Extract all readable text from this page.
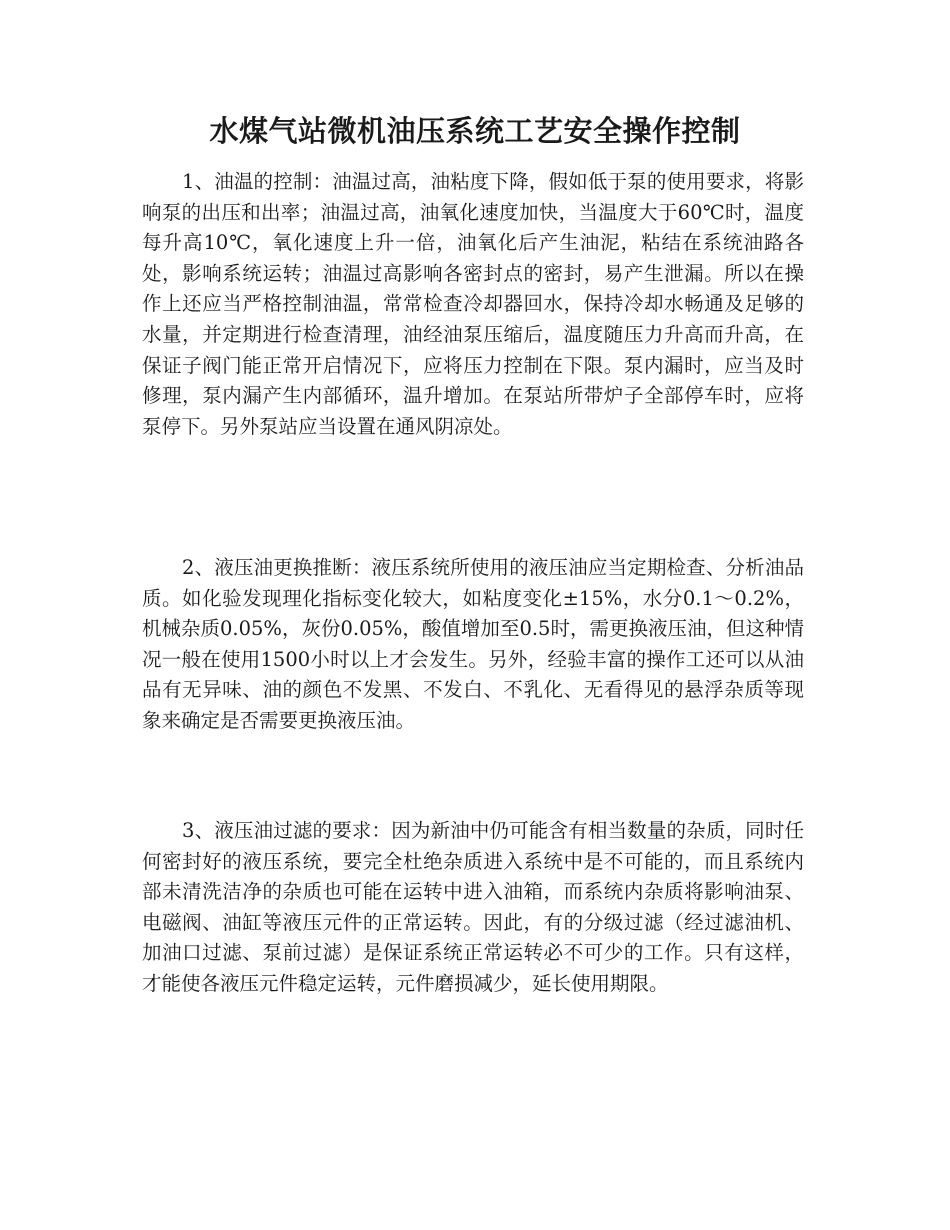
水煤气站微机油压系统工艺安全操作控制

1、油温的控制：油温过高，油粘度下降，假如低于泵的使用要求，将影响泵的出压和出率；油温过高，油氧化速度加快，当温度大于60℃时，温度每升高10℃，氧化速度上升一倍，油氧化后产生油泥，粘结在系统油路各处，影响系统运转；油温过高影响各密封点的密封，易产生泄漏。所以在操作上还应当严格控制油温，常常检查冷却器回水，保持冷却水畅通及足够的水量，并定期进行检查清理，油经油泵压缩后，温度随压力升高而升高，在保证子阀门能正常开启情况下，应将压力控制在下限。泵内漏时，应当及时修理，泵内漏产生内部循环，温升增加。在泵站所带炉子全部停车时，应将泵停下。另外泵站应当设置在通风阴凉处。

2、液压油更换推断：液压系统所使用的液压油应当定期检查、分析油品质。如化验发现理化指标变化较大，如粘度变化±15%，水分0.1～0.2%，机械杂质0.05%，灰份0.05%，酸值增加至0.5时，需更换液压油，但这种情况一般在使用1500小时以上才会发生。另外，经验丰富的操作工还可以从油品有无异味、油的颜色不发黑、不发白、不乳化、无看得见的悬浮杂质等现象来确定是否需要更换液压油。

3、液压油过滤的要求：因为新油中仍可能含有相当数量的杂质，同时任何密封好的液压系统，要完全杜绝杂质进入系统中是不可能的，而且系统内部未清洗洁净的杂质也可能在运转中进入油箱，而系统内杂质将影响油泵、电磁阀、油缸等液压元件的正常运转。因此，有的分级过滤（经过滤油机、加油口过滤、泵前过滤）是保证系统正常运转必不可少的工作。只有这样，才能使各液压元件稳定运转，元件磨损减少，延长使用期限。
